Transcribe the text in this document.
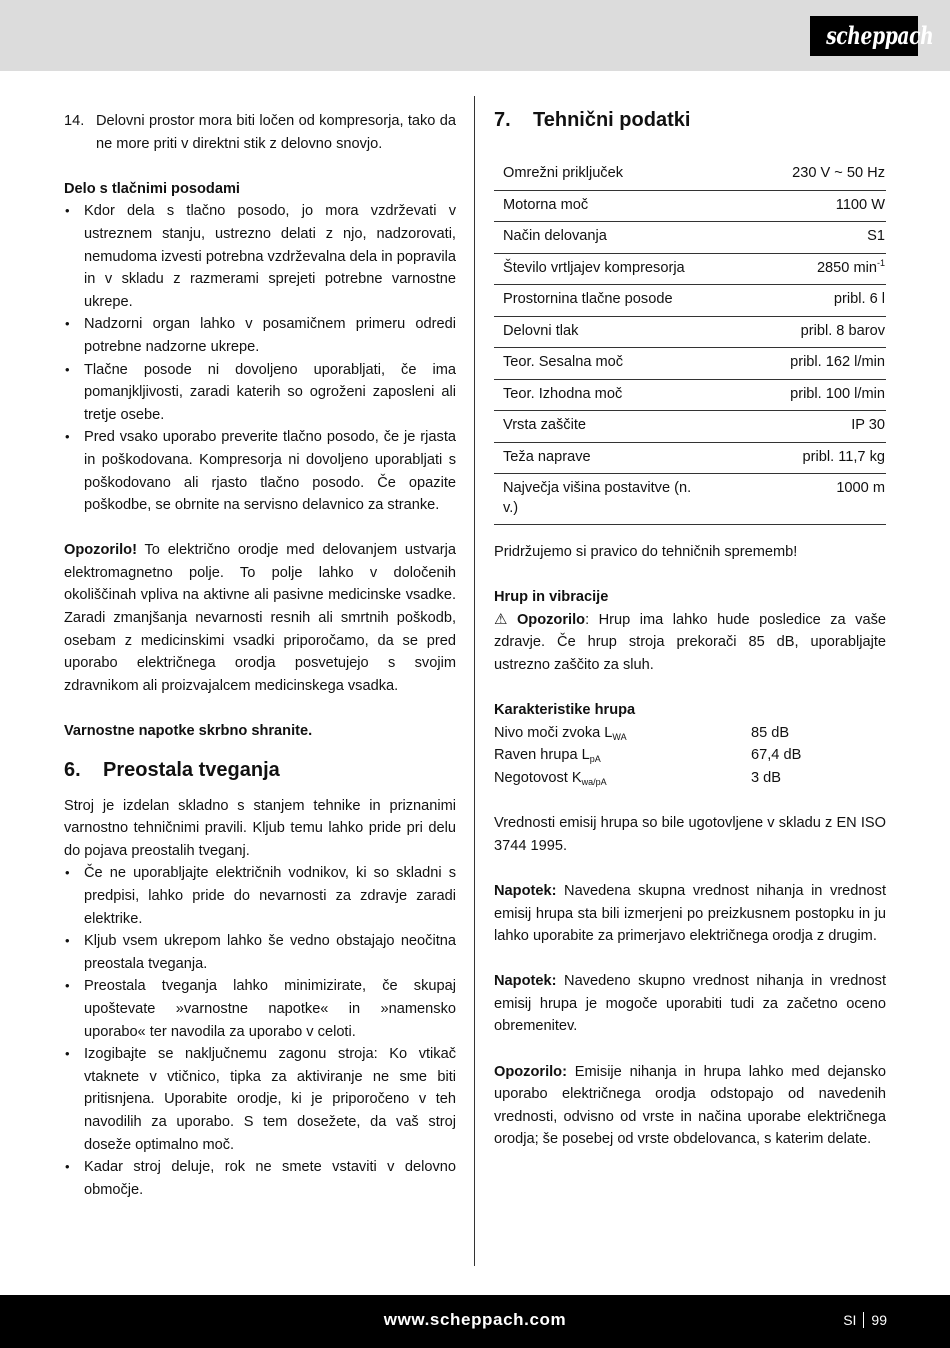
scheppach
14. Delovni prostor mora biti ločen od kompresorja, tako da ne more priti v direktni stik z delovno snovjo.
Delo s tlačnimi posodami
• Kdor dela s tlačno posodo, jo mora vzdrževati v ustreznem stanju, ustrezno delati z njo, nadzorovati, nemudoma izvesti potrebna vzdrževalna dela in popravila in v skladu z razmerami sprejeti potrebne varnostne ukrepe.
• Nadzorni organ lahko v posamičnem primeru odredi potrebne nadzorne ukrepe.
• Tlačne posode ni dovoljeno uporabljati, če ima pomanjkljivosti, zaradi katerih so ogroženi zaposleni ali tretje osebe.
• Pred vsako uporabo preverite tlačno posodo, če je rjasta in poškodovana. Kompresorja ni dovoljeno uporabljati s poškodovano ali rjasto tlačno posodo. Če opazite poškodbe, se obrnite na servisno delavnico za stranke.

Opozorilo! To električno orodje med delovanjem ustvarja elektromagnetno polje. To polje lahko v določenih okoliščinah vpliva na aktivne ali pasivne medicinske vsadke. Zaradi zmanjšanja nevarnosti resnih ali smrtnih poškodb, osebam z medicinskimi vsadki priporočamo, da se pred uporabo električnega orodja posvetujejo s svojim zdravnikom ali proizvajalcem medicinskega vsadka.

Varnostne napotke skrbno shranite.
6.	Preostala tveganja

Stroj je izdelan skladno s stanjem tehnike in priznanimi varnostno tehničnimi pravili. Kljub temu lahko pride pri delu do pojava preostalih tveganj.

• Če ne uporabljajte električnih vodnikov, ki so skladni s predpisi, lahko pride do nevarnosti za zdravje zaradi elektrike.
• Kljub vsem ukrepom lahko še vedno obstajajo neočitna preostala tveganja.
• Preostala tveganja lahko minimizirate, če skupaj upoštevate »varnostne napotke« in »namensko uporabo« ter navodila za uporabo v celoti.
• Izogibajte se naključnemu zagonu stroja: Ko vtikač vtaknete v vtičnico, tipka za aktiviranje ne sme biti pritisnjena. Uporabite orodje, ki je priporočeno v teh navodilih za uporabo. S tem dosežete, da vaš stroj doseže optimalno moč.
• Kadar stroj deluje, rok ne smete vstaviti v delovno območje.
7.	Tehnični podatki
Omrežni priključek	230 V ~ 50 Hz
Motorna moč	1100 W
Način delovanja	S1
Število vrtljajev kompresorja	2850 $\min^{-1}$
Prostornina tlačne posode	pribl. 6 l
Delovni tlak	pribl. 8 barov
Teor. Sesalna moč	pribl. 162 l/min
Teor. Izhodna moč	pribl. 100 l/min
Vrsta zaščite	IP 30
Teža naprave	pribl. 11,7 kg
Največja višina postavitve (n. v.)	1000 m

Pridržujemo si pravico do tehničnih sprememb!

Hrup in vibracije

⚠ Opozorilo: Hrup ima lahko hude posledice za vaše zdravje. Če hrup stroja prekorači 85 dB, uporabljajte ustrezno zaščito za sluh.

Karakteristike hrupa
Nivo moči zvoka $L_{WA}$	85 dB
Raven hrupa $L_{pA}$	67,4 dB
Negotovost $K_{wa/pA}$	3 dB

Vrednosti emisij hrupa so bile ugotovljene v skladu z EN ISO 3744 1995.

Napotek: Navedena skupna vrednost nihanja in vrednost emisij hrupa sta bili izmerjeni po preizkusnem postopku in ju lahko uporabite za primerjavo električnega orodja z drugim.

Napotek: Navedeno skupno vrednost nihanja in vrednost emisij hrupa je mogoče uporabiti tudi za začetno oceno obremenitev.

Opozorilo: Emisije nihanja in hrupa lahko med dejansko uporabo električnega orodja odstopajo od navedenih vrednosti, odvisno od vrste in načina uporabe električnega orodja; še posebej od vrste obdelovanca, s katerim delate.

www.scheppach.com	SI 99
